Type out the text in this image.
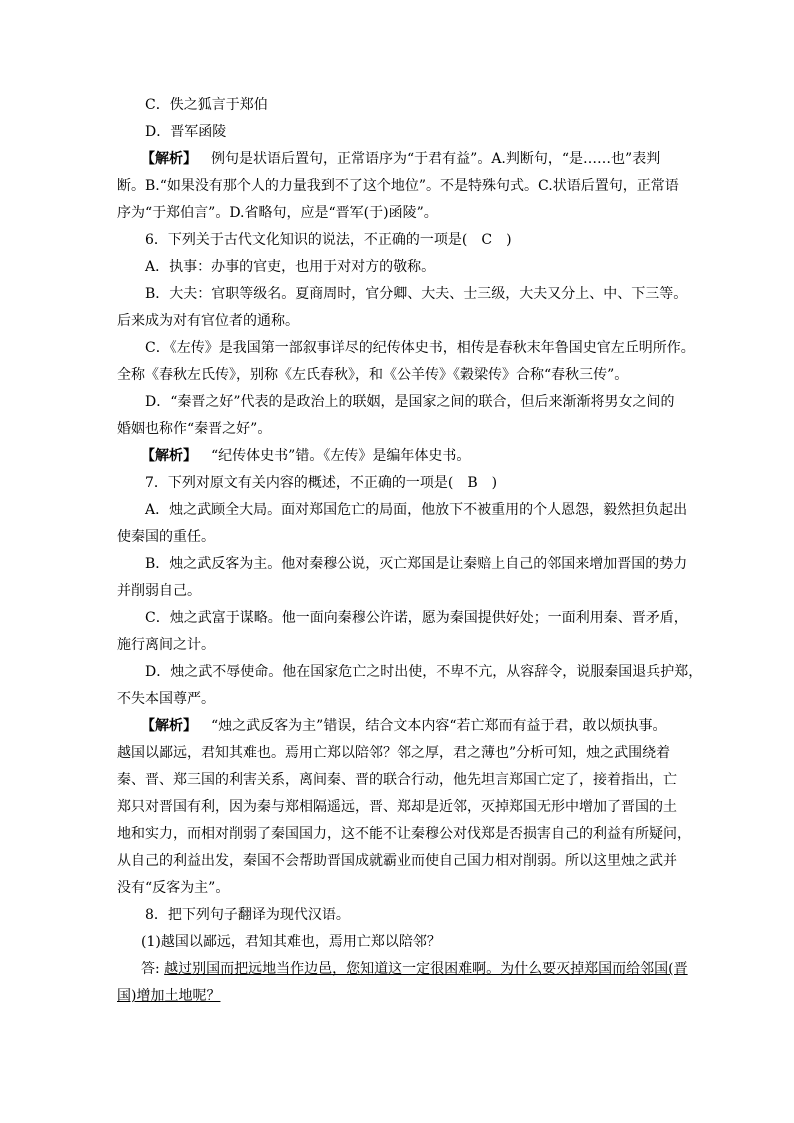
C．佚之狐言于郑伯
D．晋军函陵
【解析】  例句是状语后置句，正常语序为“于君有益”。A.判断句，“是……也”表判
断。B.“如果没有那个人的力量我到不了这个地位”。不是特殊句式。C.状语后置句，正常语
序为“于郑伯言”。D.省略句，应是“晋军(于)函陵”。
6．下列关于古代文化知识的说法，不正确的一项是(　C　)
A．执事：办事的官吏，也用于对对方的敬称。
B．大夫：官职等级名。夏商周时，官分卿、大夫、士三级，大夫又分上、中、下三等。
后来成为对有官位者的通称。
C．《左传》是我国第一部叙事详尽的纪传体史书，相传是春秋末年鲁国史官左丘明所作。
全称《春秋左氏传》，别称《左氏春秋》，和《公羊传》《穀梁传》合称“春秋三传”。
D．“秦晋之好”代表的是政治上的联姻，是国家之间的联合，但后来渐渐将男女之间的
婚姻也称作“秦晋之好”。
【解析】  “纪传体史书”错。《左传》是编年体史书。
7．下列对原文有关内容的概述，不正确的一项是(　B　)
A．烛之武顾全大局。面对郑国危亡的局面，他放下不被重用的个人恩怨，毅然担负起出
使秦国的重任。
B．烛之武反客为主。他对秦穆公说，灭亡郑国是让秦赔上自己的邻国来增加晋国的势力
并削弱自己。
C．烛之武富于谋略。他一面向秦穆公许诺，愿为秦国提供好处；一面利用秦、晋矛盾，
施行离间之计。
D．烛之武不辱使命。他在国家危亡之时出使，不卑不亢，从容辞令，说服秦国退兵护郑，
不失本国尊严。
【解析】  “烛之武反客为主”错误，结合文本内容“若亡郑而有益于君，敢以烦执事。
越国以鄙远，君知其难也。焉用亡郑以陪邻？邻之厚，君之薄也”分析可知，烛之武围绕着
秦、晋、郑三国的利害关系，离间秦、晋的联合行动，他先坦言郑国亡定了，接着指出，亡
郑只对晋国有利，因为秦与郑相隔遥远，晋、郑却是近邻，灭掉郑国无形中增加了晋国的土
地和实力，而相对削弱了秦国国力，这不能不让秦穆公对伐郑是否损害自己的利益有所疑问，
从自己的利益出发，秦国不会帮助晋国成就霸业而使自己国力相对削弱。所以这里烛之武并
没有“反客为主”。
8．把下列句子翻译为现代汉语。
(1)越国以鄙远，君知其难也，焉用亡郑以陪邻？
答: 越过别国而把远地当作边邑，您知道这一定很困难啊。为什么要灭掉郑国而给邻国(晋
国)增加土地呢？
